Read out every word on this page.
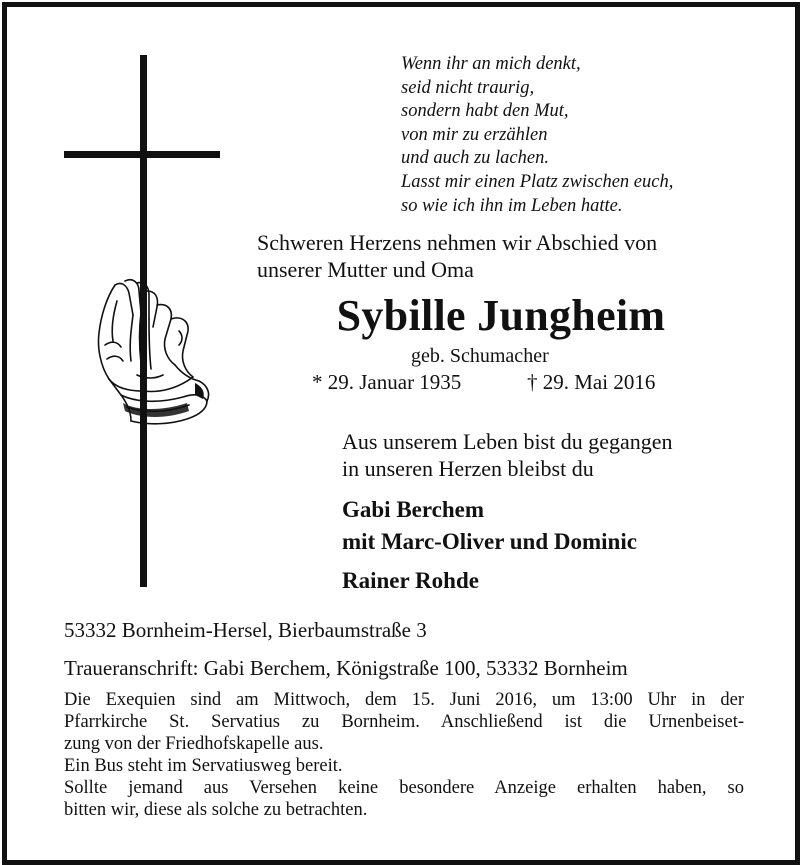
Wenn ihr an mich denkt,
seid nicht traurig,
sondern habt den Mut,
von mir zu erzählen
und auch zu lachen.
Lasst mir einen Platz zwischen euch,
so wie ich ihn im Leben hatte.
Schweren Herzens nehmen wir Abschied von
unserer Mutter und Oma
Sybille Jungheim
geb. Schumacher
* 29. Januar 1935	† 29. Mai 2016
Aus unserem Leben bist du gegangen
in unseren Herzen bleibst du
Gabi Berchem
mit Marc-Oliver und Dominic
Rainer Rohde
53332 Bornheim-Hersel, Bierbaumstraße 3
Traueranschrift: Gabi Berchem, Königstraße 100, 53332 Bornheim
Die Exequien sind am Mittwoch, dem 15. Juni 2016, um 13:00 Uhr in der
Pfarrkirche St. Servatius zu Bornheim. Anschließend ist die Urnenbeiset-
zung von der Friedhofskapelle aus.
Ein Bus steht im Servatiusweg bereit.
Sollte jemand aus Versehen keine besondere Anzeige erhalten haben, so
bitten wir, diese als solche zu betrachten.
